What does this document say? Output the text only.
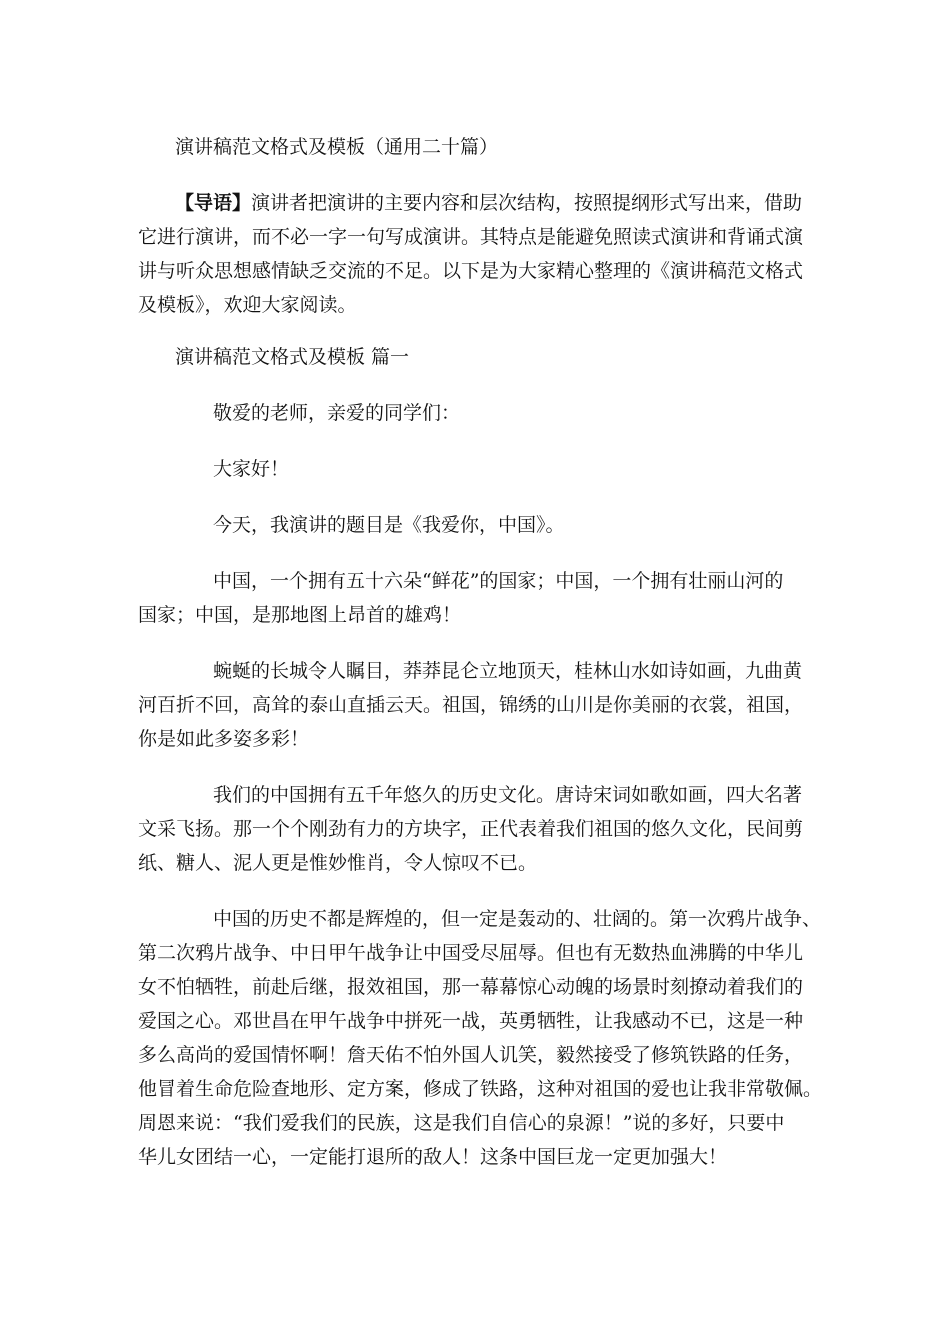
演讲稿范文格式及模板（通用二十篇）
【导语】演讲者把演讲的主要内容和层次结构，按照提纲形式写出来，借助
它进行演讲，而不必一字一句写成演讲。其特点是能避免照读式演讲和背诵式演
讲与听众思想感情缺乏交流的不足。以下是为大家精心整理的《演讲稿范文格式
及模板》，欢迎大家阅读。
演讲稿范文格式及模板 篇一
敬爱的老师，亲爱的同学们：
大家好！
今天，我演讲的题目是《我爱你，中国》。
中国，一个拥有五十六朵“鲜花”的国家；中国，一个拥有壮丽山河的
国家；中国，是那地图上昂首的雄鸡！
蜿蜒的长城令人瞩目，莽莽昆仑立地顶天，桂林山水如诗如画，九曲黄
河百折不回，高耸的泰山直插云天。祖国，锦绣的山川是你美丽的衣裳，祖国，
你是如此多姿多彩！
我们的中国拥有五千年悠久的历史文化。唐诗宋词如歌如画，四大名著
文采飞扬。那一个个刚劲有力的方块字，正代表着我们祖国的悠久文化，民间剪
纸、糖人、泥人更是惟妙惟肖，令人惊叹不已。
中国的历史不都是辉煌的，但一定是轰动的、壮阔的。第一次鸦片战争、
第二次鸦片战争、中日甲午战争让中国受尽屈辱。但也有无数热血沸腾的中华儿
女不怕牺牲，前赴后继，报效祖国，那一幕幕惊心动魄的场景时刻撩动着我们的
爱国之心。邓世昌在甲午战争中拼死一战，英勇牺牲，让我感动不已，这是一种
多么高尚的爱国情怀啊！詹天佑不怕外国人讥笑，毅然接受了修筑铁路的任务，
他冒着生命危险查地形、定方案，修成了铁路，这种对祖国的爱也让我非常敬佩。
周恩来说：“我们爱我们的民族，这是我们自信心的泉源！”说的多好，只要中
华儿女团结一心，一定能打退所的敌人！这条中国巨龙一定更加强大！
